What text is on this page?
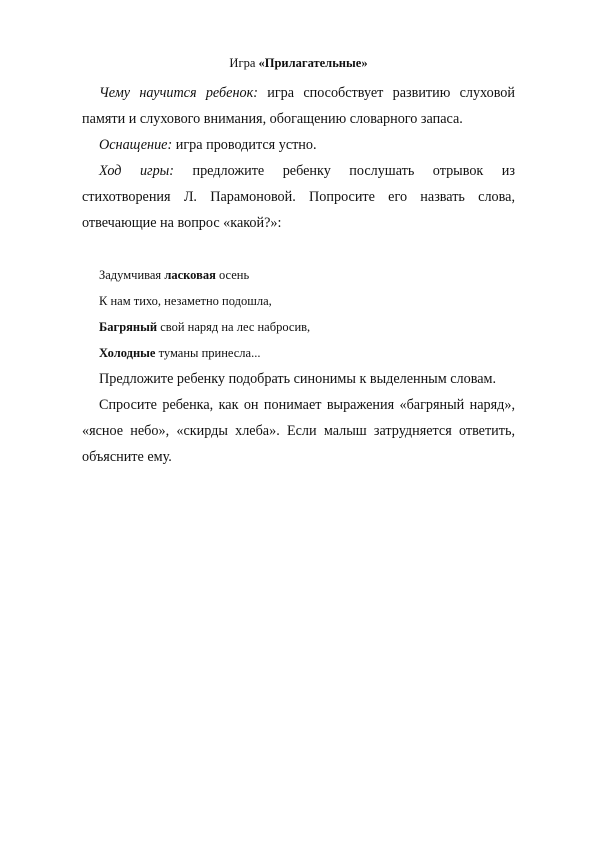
Игра «Прилагательные»

Чему научится ребенок: игра способствует развитию слуховой памяти и слухового внимания, обогащению словарного запаса.

Оснащение: игра проводится устно.

Ход игры: предложите ребенку послушать отрывок из стихотворения Л. Парамоновой. Попросите его назвать слова, отвечающие на вопрос «какой?»:

Задумчивая ласковая осень

К нам тихо, незаметно подошла,

Багряный свой наряд на лес набросив,

Холодные туманы принесла...

Предложите ребенку подобрать синонимы к выделенным словам.

Спросите ребенка, как он понимает выражения «багряный наряд», «ясное небо», «скирды хлеба». Если малыш затрудняется ответить, объясните ему.
